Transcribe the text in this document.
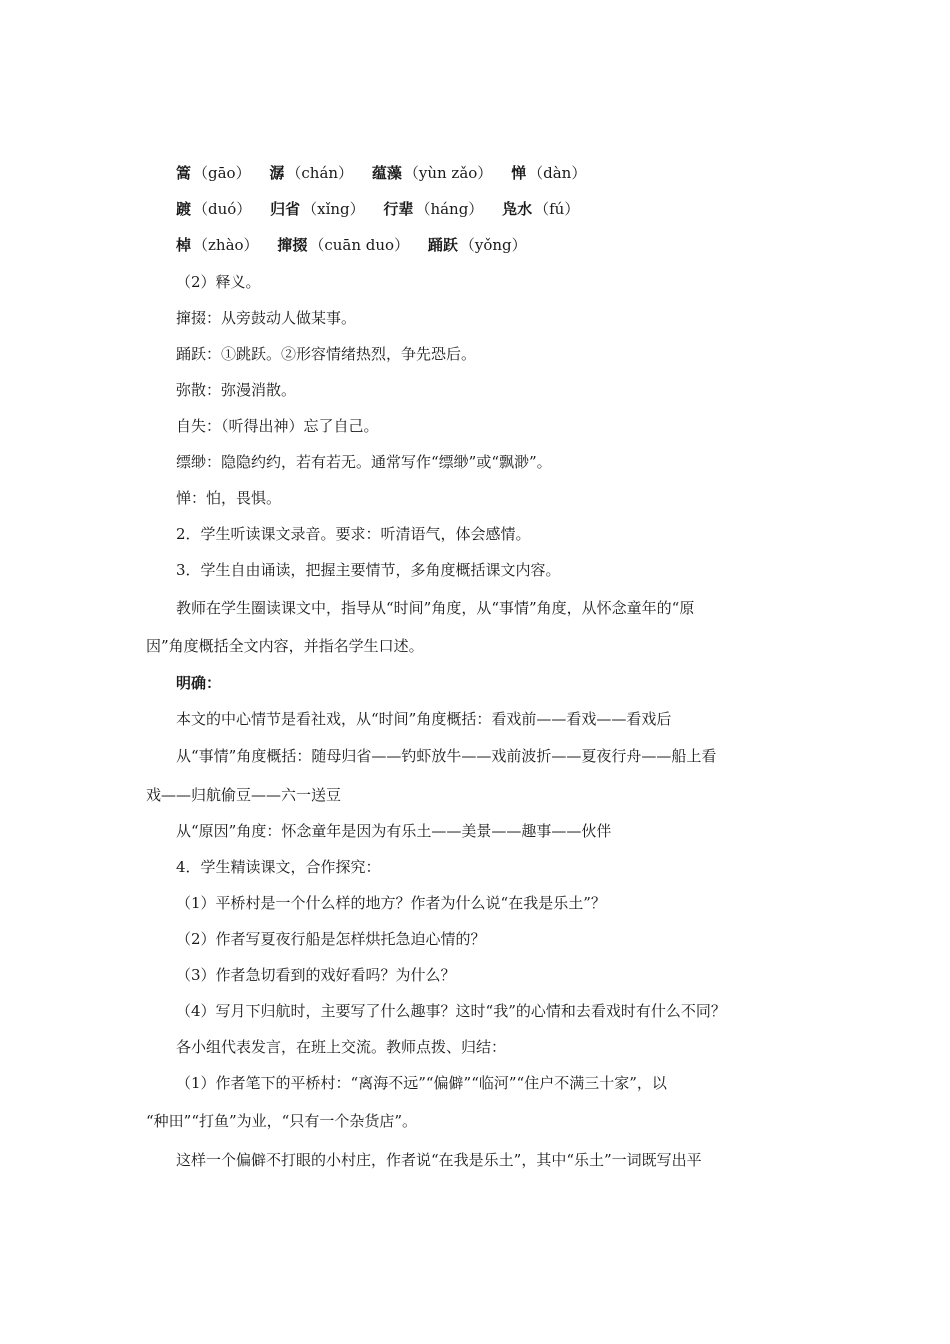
篙 （gāo） 潺 （chán） 蕴藻 （yùn zǎo） 惮 （dàn）
踱 （duó） 归省 （xǐng） 行辈 （háng） 凫水 （fú）
棹 （zhào） 撺掇 （cuān duo） 踊跃 （yǒng）
（2）释义。
撺掇：从旁鼓动人做某事。
踊跃：①跳跃。②形容情绪热烈，争先恐后。
弥散：弥漫消散。
自失：（听得出神）忘了自己。
缥缈：隐隐约约，若有若无。通常写作“缥缈”或“飘渺”。
惮：怕，畏惧。
2．学生听读课文录音。要求：听清语气，体会感情。
3．学生自由诵读，把握主要情节，多角度概括课文内容。
教师在学生圈读课文中，指导从“时间”角度，从“事情”角度，从怀念童年的“原
因”角度概括全文内容，并指名学生口述。
明确：
本文的中心情节是看社戏，从“时间”角度概括：看戏前——看戏——看戏后
从“事情”角度概括：随母归省——钓虾放牛——戏前波折——夏夜行舟——船上看
戏——归航偷豆——六一送豆
从“原因”角度：怀念童年是因为有乐土——美景——趣事——伙伴
4．学生精读课文，合作探究：
（1）平桥村是一个什么样的地方？作者为什么说“在我是乐土”？
（2）作者写夏夜行船是怎样烘托急迫心情的？
（3）作者急切看到的戏好看吗？为什么？
（4）写月下归航时，主要写了什么趣事？这时“我”的心情和去看戏时有什么不同？
各小组代表发言，在班上交流。教师点拨、归结：
（1）作者笔下的平桥村：“离海不远”“偏僻”“临河”“住户不满三十家”，以
“种田”“打鱼”为业，“只有一个杂货店”。
这样一个偏僻不打眼的小村庄，作者说“在我是乐土”，其中“乐土”一词既写出平
